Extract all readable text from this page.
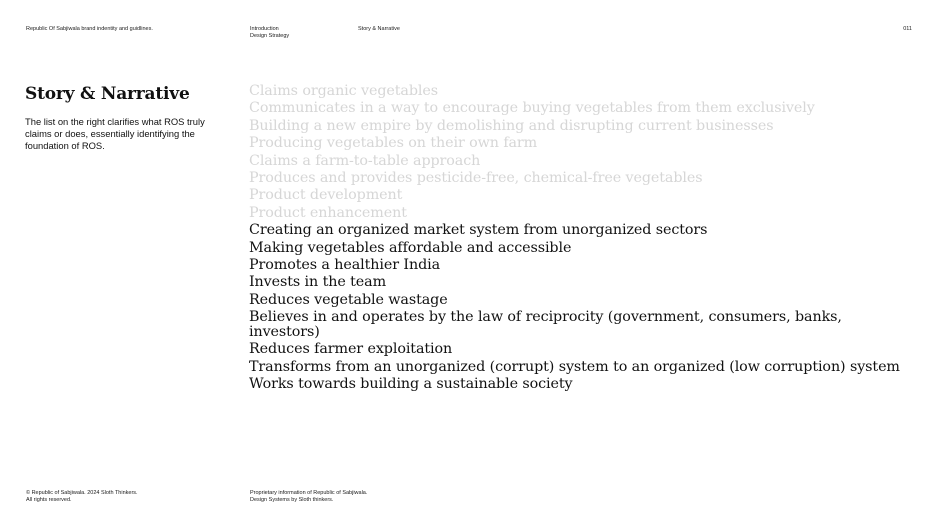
Republic Of Sabjiwala brand indentity and guidlines.	Introduction
Design Strategy
Story & Narrative	011
Story & Narrative

The list on the right clarifies what ROS truly claims or does, essentially identifying the foundation of ROS.

Claims organic vegetables
Communicates in a way to encourage buying vegetables from them exclusively
Building a new empire by demolishing and disrupting current businesses
Producing vegetables on their own farm
Claims a farm-to-table approach
Produces and provides pesticide-free, chemical-free vegetables
Product development
Product enhancement
Creating an organized market system from unorganized sectors
Making vegetables affordable and accessible
Promotes a healthier India
Invests in the team
Reduces vegetable wastage
Believes in and operates by the law of reciprocity (government, consumers, banks, investors)
Reduces farmer exploitation
Transforms from an unorganized (corrupt) system to an organized (low corruption) system
Works towards building a sustainable society
© Republic of Sabjiwala. 2024 Sloth Thinkers.
All rights reserved.
Proprietary information of Republic of Sabjiwala.
Design Systems by Sloth thinkers.
